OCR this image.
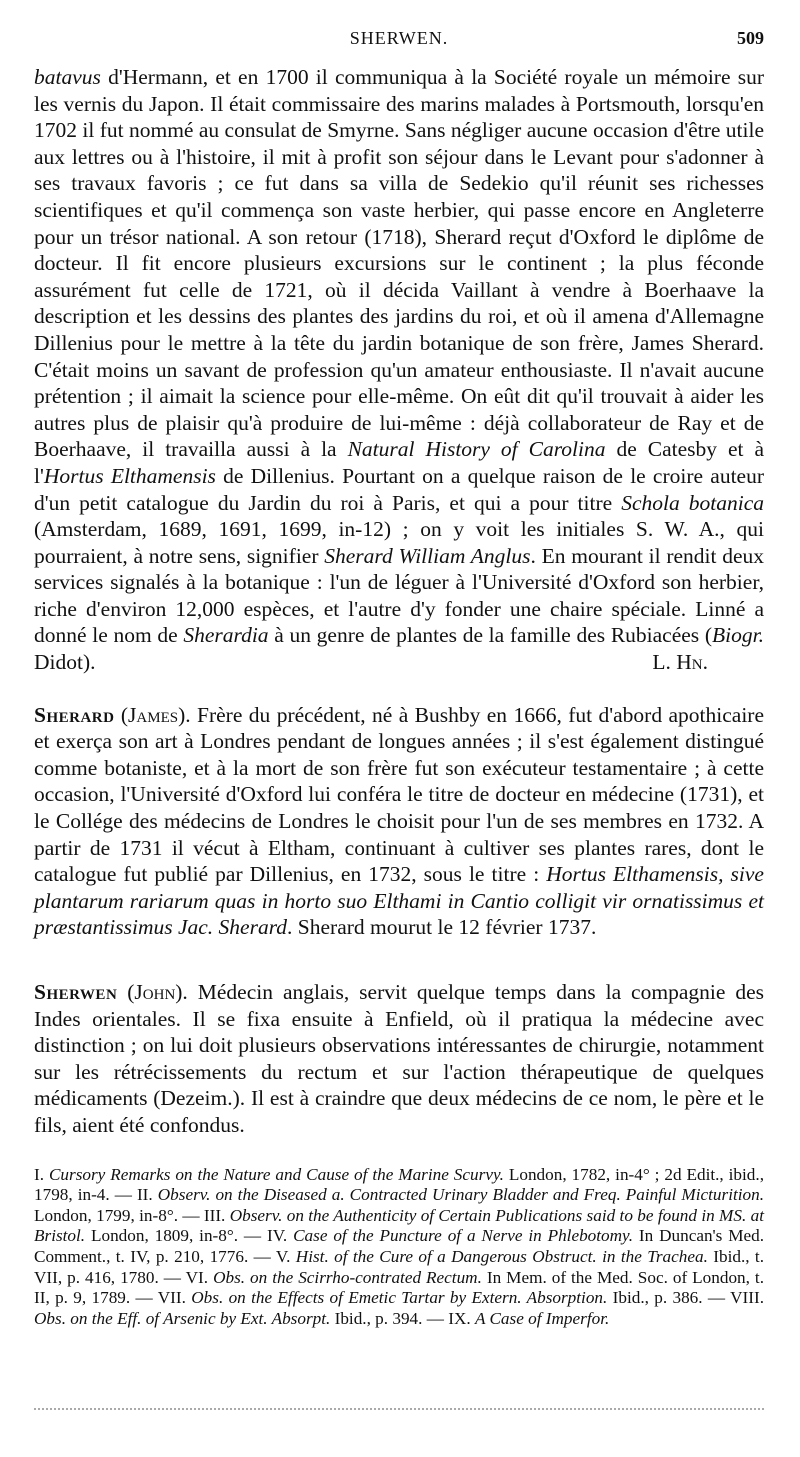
SHERWEN.	509

batavus d'Hermann, et en 1700 il communiqua à la Société royale un mémoire sur les vernis du Japon. Il était commissaire des marins malades à Portsmouth, lorsqu'en 1702 il fut nommé au consulat de Smyrne. Sans négliger aucune occasion d'être utile aux lettres ou à l'histoire, il mit à profit son séjour dans le Levant pour s'adonner à ses travaux favoris ; ce fut dans sa villa de Sedekio qu'il réunit ses richesses scientifiques et qu'il commença son vaste herbier, qui passe encore en Angleterre pour un trésor national. A son retour (1718), Sherard reçut d'Oxford le diplôme de docteur. Il fit encore plusieurs excursions sur le continent ; la plus féconde assurément fut celle de 1721, où il décida Vaillant à vendre à Boerhaave la description et les dessins des plantes des jardins du roi, et où il amena d'Allemagne Dillenius pour le mettre à la tête du jardin botanique de son frère, James Sherard. C'était moins un savant de profession qu'un amateur enthousiaste. Il n'avait aucune prétention ; il aimait la science pour elle-même. On eût dit qu'il trouvait à aider les autres plus de plaisir qu'à produire de lui-même : déjà collaborateur de Ray et de Boerhaave, il travailla aussi à la Natural History of Carolina de Catesby et à l'Hortus Elthamensis de Dillenius. Pourtant on a quelque raison de le croire auteur d'un petit catalogue du Jardin du roi à Paris, et qui a pour titre Schola botanica (Amsterdam, 1689, 1691, 1699, in-12) ; on y voit les initiales S. W. A., qui pourraient, à notre sens, signifier Sherard William Anglus. En mourant il rendit deux services signalés à la botanique : l'un de léguer à l'Université d'Oxford son herbier, riche d'environ 12,000 espèces, et l'autre d'y fonder une chaire spéciale. Linné a donné le nom de Sherardia à un genre de plantes de la famille des Rubiacées (Biogr. Didot).	L. Hn.

Sherard (James). Frère du précédent, né à Bushby en 1666, fut d'abord apothicaire et exerça son art à Londres pendant de longues années ; il s'est également distingué comme botaniste, et à la mort de son frère fut son exécuteur testamentaire ; à cette occasion, l'Université d'Oxford lui conféra le titre de docteur en médecine (1731), et le Collége des médecins de Londres le choisit pour l'un de ses membres en 1732. A partir de 1731 il vécut à Eltham, continuant à cultiver ses plantes rares, dont le catalogue fut publié par Dillenius, en 1732, sous le titre : Hortus Elthamensis, sive plantarum rariarum quas in horto suo Elthami in Cantio colligit vir ornatissimus et præstantissimus Jac. Sherard. Sherard mourut le 12 février 1737.

Sherwen (John). Médecin anglais, servit quelque temps dans la compagnie des Indes orientales. Il se fixa ensuite à Enfield, où il pratiqua la médecine avec distinction ; on lui doit plusieurs observations intéressantes de chirurgie, notamment sur les rétrécissements du rectum et sur l'action thérapeutique de quelques médicaments (Dezeim.). Il est à craindre que deux médecins de ce nom, le père et le fils, aient été confondus.

I. Cursory Remarks on the Nature and Cause of the Marine Scurvy. London, 1782, in-4° ; 2d Edit., ibid., 1798, in-4. — II. Observ. on the Diseased a. Contracted Urinary Bladder and Freq. Painful Micturition. London, 1799, in-8°. — III. Observ. on the Authenticity of Certain Publications said to be found in MS. at Bristol. London, 1809, in-8°. — IV. Case of the Puncture of a Nerve in Phlebotomy. In Duncan's Med. Comment., t. IV, p. 210, 1776. — V. Hist. of the Cure of a Dangerous Obstruct. in the Trachea. Ibid., t. VII, p. 416, 1780. — VI. Obs. on the Scirrho-contrated Rectum. In Mem. of the Med. Soc. of London, t. II, p. 9, 1789. — VII. Obs. on the Effects of Emetic Tartar by Extern. Absorption. Ibid., p. 386. — VIII. Obs. on the Eff. of Arsenic by Ext. Absorpt. Ibid., p. 394. — IX. A Case of Imperfor.
